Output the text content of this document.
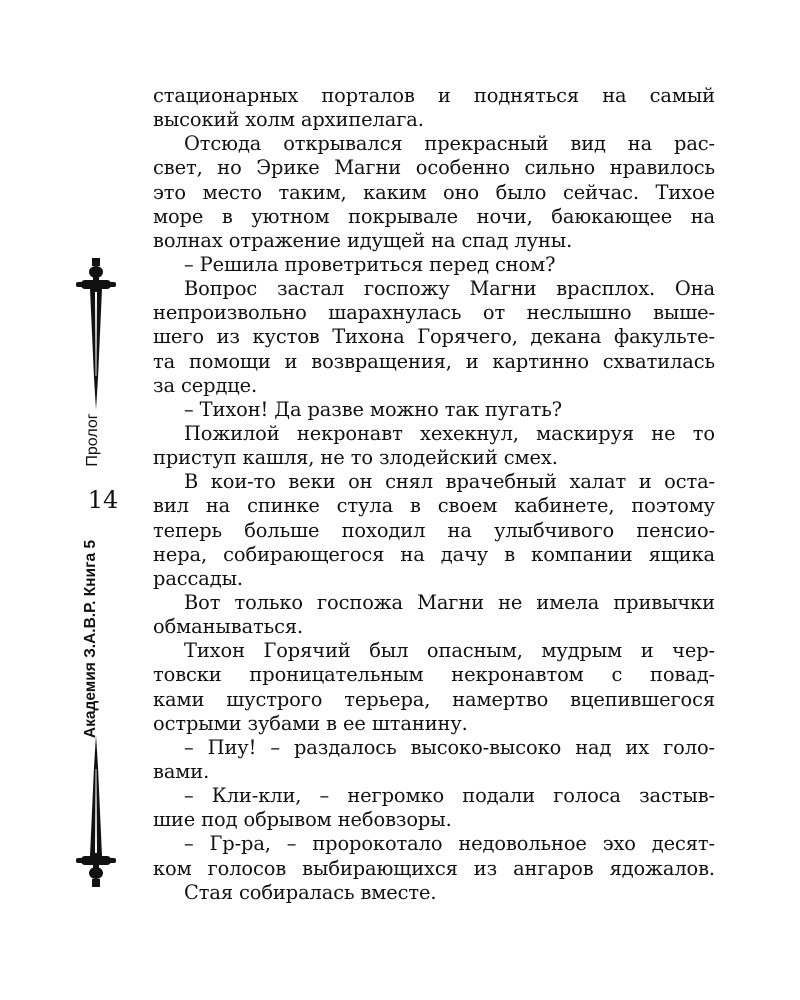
Пролог
14
Академия З.А.В.Р. Книга 5
стационарных порталов и подняться на самый
высокий холм архипелага.
Отсюда открывался прекрасный вид на рас-
свет, но Эрике Магни особенно сильно нравилось
это место таким, каким оно было сейчас. Тихое
море в уютном покрывале ночи, баюкающее на
волнах отражение идущей на спад луны.
– Решила проветриться перед сном?
Вопрос застал госпожу Магни врасплох. Она
непроизвольно шарахнулась от неслышно выше-
шего из кустов Тихона Горячего, декана факульте-
та помощи и возвращения, и картинно схватилась
за сердце.
– Тихон! Да разве можно так пугать?
Пожилой некронавт хехекнул, маскируя не то
приступ кашля, не то злодейский смех.
В кои-то веки он снял врачебный халат и оста-
вил на спинке стула в своем кабинете, поэтому
теперь больше походил на улыбчивого пенсио-
нера, собирающегося на дачу в компании ящика
рассады.
Вот только госпожа Магни не имела привычки
обманываться.
Тихон Горячий был опасным, мудрым и чер-
товски проницательным некронавтом с повад-
ками шустрого терьера, намертво вцепившегося
острыми зубами в ее штанину.
– Пиу! – раздалось высоко-высоко над их голо-
вами.
– Кли-кли, – негромко подали голоса застыв-
шие под обрывом небовзоры.
– Гр-ра, – пророкотало недовольное эхо десят-
ком голосов выбирающихся из ангаров ядожалов.
Стая собиралась вместе.
